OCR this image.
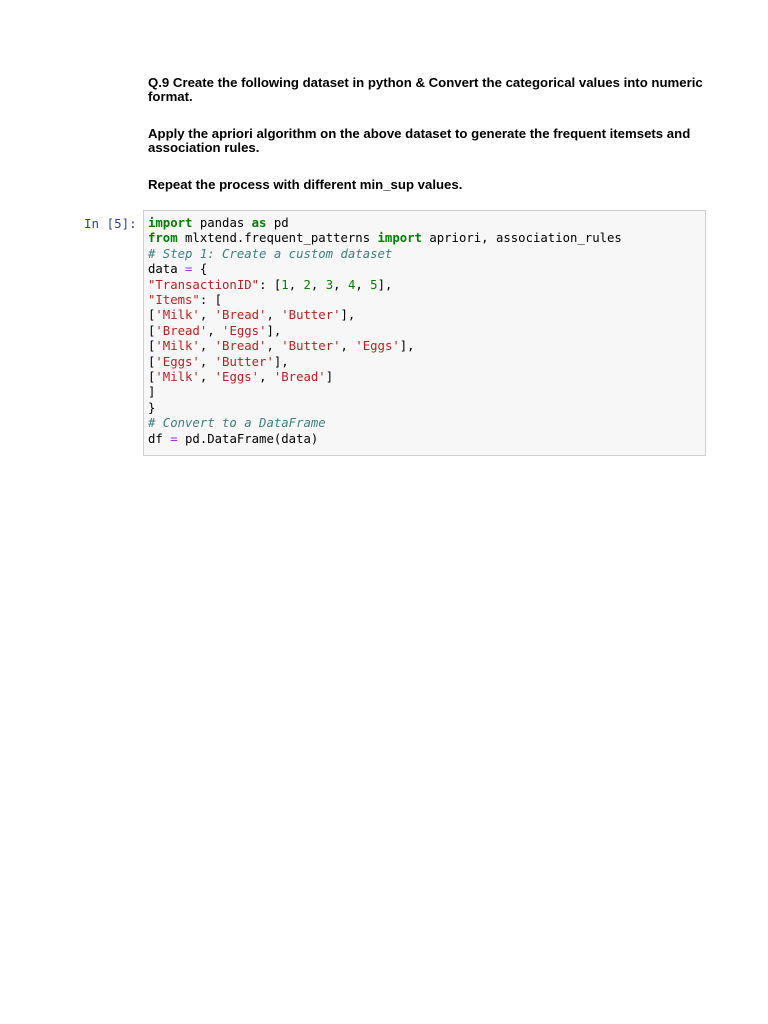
Q.9 Create the following dataset in python & Convert the categorical values into numeric format.
Apply the apriori algorithm on the above dataset to generate the frequent itemsets and association rules.
Repeat the process with different min_sup values.
In [5]: import pandas as pd
from mlxtend.frequent_patterns import apriori, association_rules
# Step 1: Create a custom dataset
data = {
"TransactionID": [1, 2, 3, 4, 5],
"Items": [
['Milk', 'Bread', 'Butter'],
['Bread', 'Eggs'],
['Milk', 'Bread', 'Butter', 'Eggs'],
['Eggs', 'Butter'],
['Milk', 'Eggs', 'Bread']
]
}
# Convert to a DataFrame
df = pd.DataFrame(data)
